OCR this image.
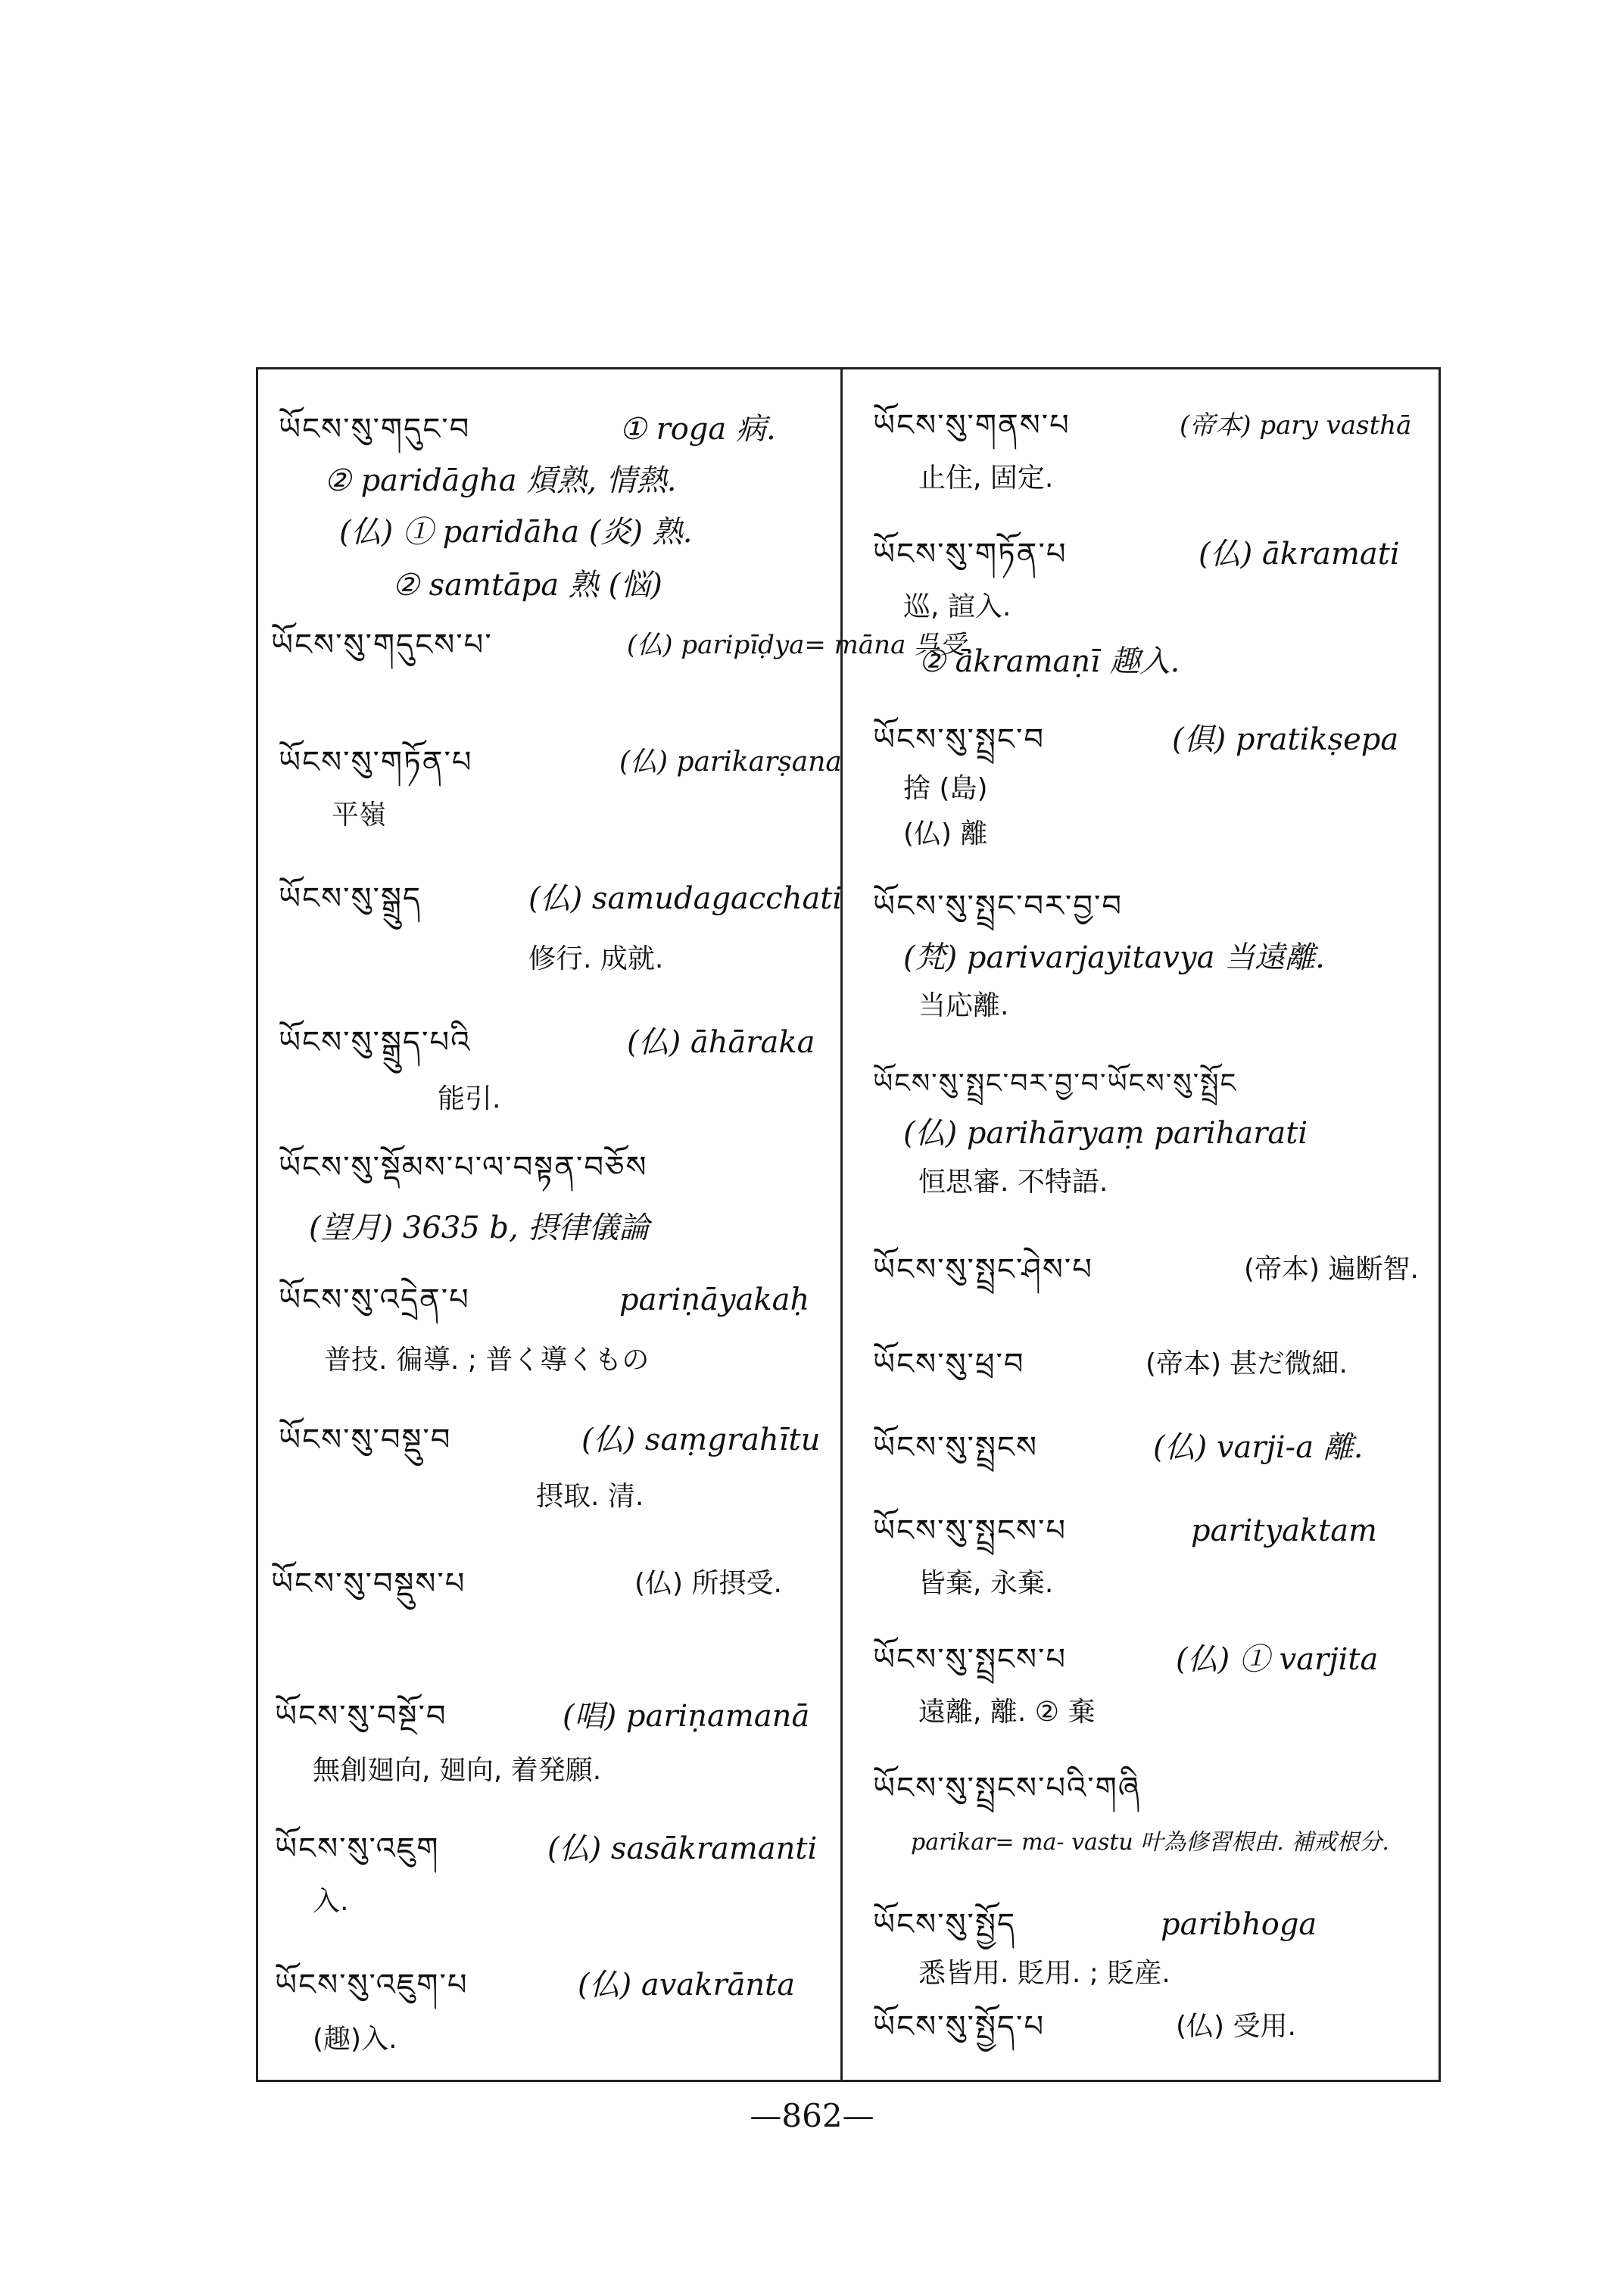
ཡོངས་སུ་གདུང་བ	① roga 病.
② paridāgha 熕熟, 情熱.
(仏) ① paridāha (炎) 熟.
② samtāpa 熟 (悩)
ཡོངས་སུ་གདུངས་པ་	(仏) paripīḍya= māna 呉受.
ཡོངས་སུ་གཏོན་པ	(仏) parikarṣana
平嶺
ཡོངས་སུ་སྒྲུད	(仏) samudagacchati
修行. 成就.
ཡོངས་སུ་སྒྲུད་པའི	(仏) āhāraka
能引.
ཡོངས་སུ་སྡོམས་པ་ལ་བསྟན་བཅོས
(望月) 3635 b, 摂律儀論
ཡོངས་སུ་འདྲེན་པ	pariṇāyakaḥ
普技. 徧導. ; 普く導くもの
ཡོངས་སུ་བསྡུ་བ	(仏) saṃgrahītu
摂取. 清.
ཡོངས་སུ་བསྡུས་པ	(仏) 所摂受.
ཡོངས་སུ་བསྔོ་བ	(唱) pariṇamanā
無創廻向, 廻向, 着発願.
ཡོངས་སུ་འཇུག	(仏) sasākramanti
入.
ཡོངས་སུ་འཇུག་པ	(仏) avakrānta
(趣)入.
ཡོངས་སུ་གནས་པ	(帝本) pary vasthā
止住, 固定.
ཡོངས་སུ་གཏོན་པ	(仏) ākramati
巡, 諠入.
② ākramaṇī 趣入.
ཡོངས་སུ་སྤྲང་བ	(俱) pratikṣepa
捨 (島)
(仏) 離
ཡོངས་སུ་སྤྲང་བར་བྱ་བ
(梵) parivarjayitavya 当遠離.
当応離.
ཡོངས་སུ་སྤྲང་བར་བྱ་བ་ཡོངས་སུ་སྤྲོང
(仏) parihāryaṃ pariharati
恒思審. 不特語.
ཡོངས་སུ་སྤྲང་ཤེས་པ	(帝本) 遍断智.
ཡོངས་སུ་ཕྲ་བ	(帝本) 甚だ微細.
ཡོངས་སུ་སྤྲངས	(仏) varji-a 離.
ཡོངས་སུ་སྤྲངས་པ	parityaktam
皆棄, 永棄.
ཡོངས་སུ་སྤྲངས་པ	(仏) ① varjita
遠離, 離. ② 棄
ཡོངས་སུ་སྤྲངས་པའི་གཞི
parikar= ma- vastu 叶為修習根由. 補戒根分.
ཡོངས་སུ་སྤྱོད	paribhoga
悉皆用. 貶用. ; 貶産.
ཡོངས་སུ་སྤྱོད་པ	(仏) 受用.
—862—
